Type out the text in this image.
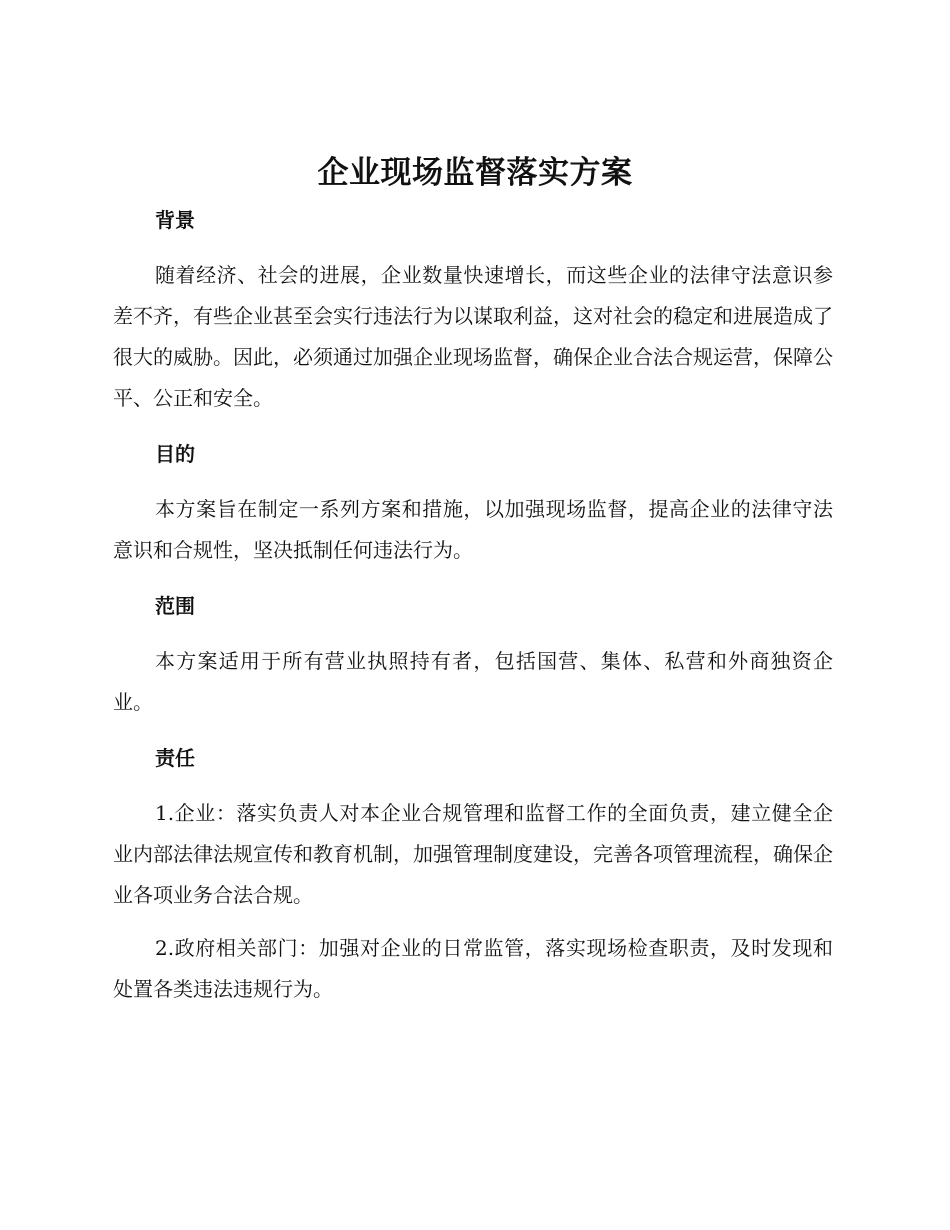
企业现场监督落实方案
背景

随着经济、社会的进展，企业数量快速增长，而这些企业的法律守法意识参差不齐，有些企业甚至会实行违法行为以谋取利益，这对社会的稳定和进展造成了很大的威胁。因此，必须通过加强企业现场监督，确保企业合法合规运营，保障公平、公正和安全。

目的

本方案旨在制定一系列方案和措施，以加强现场监督，提高企业的法律守法意识和合规性，坚决抵制任何违法行为。

范围

本方案适用于所有营业执照持有者，包括国营、集体、私营和外商独资企业。

责任

1.企业：落实负责人对本企业合规管理和监督工作的全面负责，建立健全企业内部法律法规宣传和教育机制，加强管理制度建设，完善各项管理流程，确保企业各项业务合法合规。

2.政府相关部门：加强对企业的日常监管，落实现场检查职责，及时发现和处置各类违法违规行为。
